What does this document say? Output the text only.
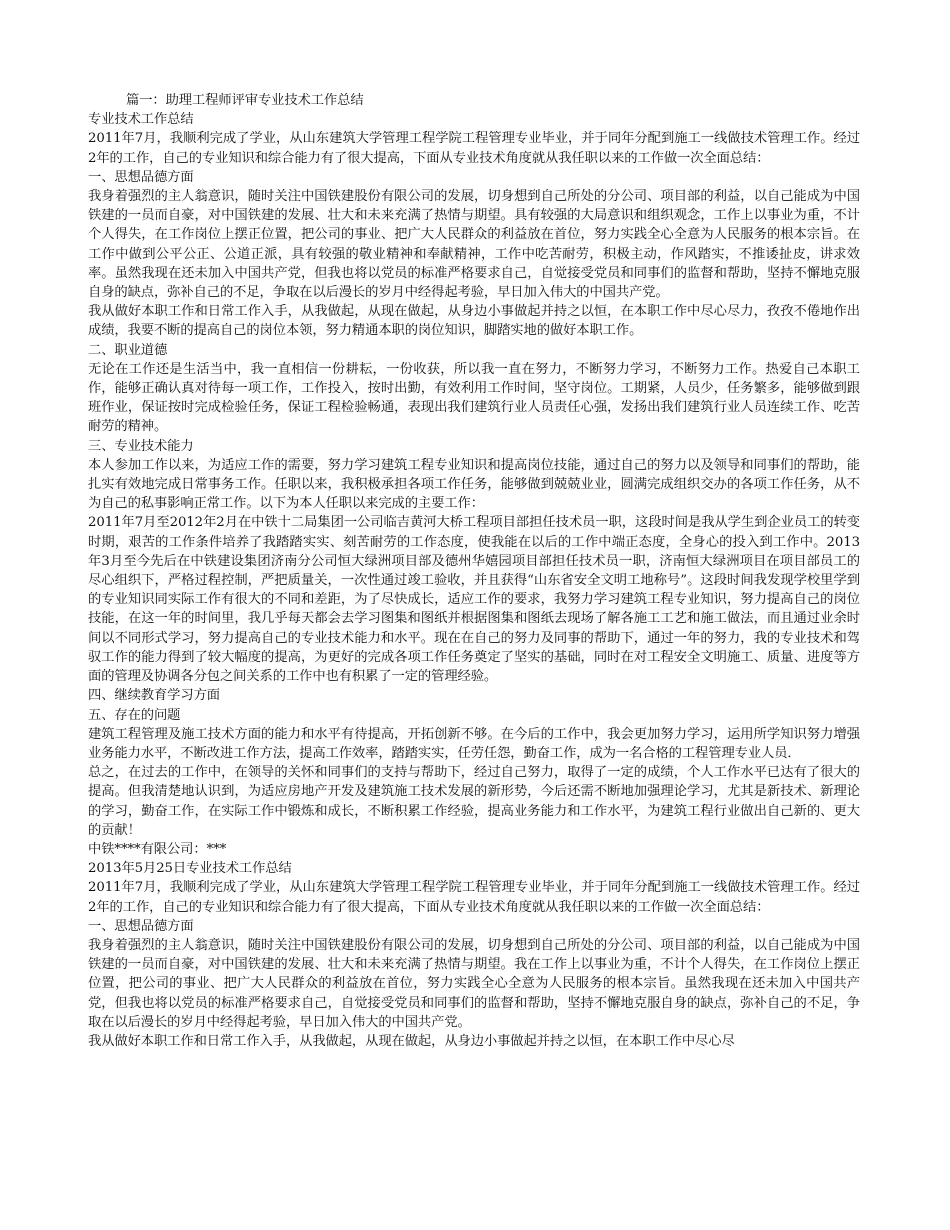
篇一：助理工程师评审专业技术工作总结

专业技术工作总结

2011年7月，我顺利完成了学业，从山东建筑大学管理工程学院工程管理专业毕业，并于同年分配到施工一线做技术管理工作。经过2年的工作，自己的专业知识和综合能力有了很大提高，下面从专业技术角度就从我任职以来的工作做一次全面总结：

一、思想品德方面

我身着强烈的主人翁意识，随时关注中国铁建股份有限公司的发展，切身想到自己所处的分公司、项目部的利益，以自己能成为中国铁建的一员而自豪，对中国铁建的发展、壮大和未来充满了热情与期望。具有较强的大局意识和组织观念，工作上以事业为重，不计个人得失，在工作岗位上摆正位置，把公司的事业、把广大人民群众的利益放在首位，努力实践全心全意为人民服务的根本宗旨。在工作中做到公平公正、公道正派，具有较强的敬业精神和奉献精神，工作中吃苦耐劳，积极主动，作风踏实，不推诿扯皮，讲求效率。虽然我现在还未加入中国共产党，但我也将以党员的标准严格要求自己，自觉接受党员和同事们的监督和帮助，坚持不懈地克服自身的缺点，弥补自己的不足，争取在以后漫长的岁月中经得起考验，早日加入伟大的中国共产党。

我从做好本职工作和日常工作入手，从我做起，从现在做起，从身边小事做起并持之以恒，在本职工作中尽心尽力，孜孜不倦地作出成绩，我要不断的提高自己的岗位本领，努力精通本职的岗位知识，脚踏实地的做好本职工作。

二、职业道德

无论在工作还是生活当中，我一直相信一份耕耘，一份收获，所以我一直在努力，不断努力学习，不断努力工作。热爱自己本职工作，能够正确认真对待每一项工作，工作投入，按时出勤，有效利用工作时间，坚守岗位。工期紧，人员少，任务繁多，能够做到跟班作业，保证按时完成检验任务，保证工程检验畅通，表现出我们建筑行业人员责任心强，发扬出我们建筑行业人员连续工作、吃苦耐劳的精神。

三、专业技术能力

本人参加工作以来，为适应工作的需要，努力学习建筑工程专业知识和提高岗位技能，通过自己的努力以及领导和同事们的帮助，能扎实有效地完成日常事务工作。任职以来，我积极承担各项工作任务，能够做到兢兢业业，圆满完成组织交办的各项工作任务，从不为自己的私事影响正常工作。以下为本人任职以来完成的主要工作：

2011年7月至2012年2月在中铁十二局集团一公司临吉黄河大桥工程项目部担任技术员一职，这段时间是我从学生到企业员工的转变时期，艰苦的工作条件培养了我踏踏实实、刻苦耐劳的工作态度，使我能在以后的工作中端正态度，全身心的投入到工作中。2013年3月至今先后在中铁建设集团济南分公司恒大绿洲项目部及德州华嬉园项目部担任技术员一职，济南恒大绿洲项目在项目部员工的尽心组织下，严格过程控制，严把质量关，一次性通过竣工验收，并且获得“山东省安全文明工地称号”。这段时间我发现学校里学到的专业知识同实际工作有很大的不同和差距，为了尽快成长，适应工作的要求，我努力学习建筑工程专业知识，努力提高自己的岗位技能，在这一年的时间里，我几乎每天都会去学习图集和图纸并根据图集和图纸去现场了解各施工工艺和施工做法，而且通过业余时间以不同形式学习，努力提高自己的专业技术能力和水平。现在在自己的努力及同事的帮助下，通过一年的努力，我的专业技术和驾驭工作的能力得到了较大幅度的提高，为更好的完成各项工作任务奠定了坚实的基础，同时在对工程安全文明施工、质量、进度等方面的管理及协调各分包之间关系的工作中也有积累了一定的管理经验。

四、继续教育学习方面

五、存在的问题

建筑工程管理及施工技术方面的能力和水平有待提高，开拓创新不够。在今后的工作中，我会更加努力学习，运用所学知识努力增强业务能力水平，不断改进工作方法，提高工作效率，踏踏实实，任劳任怨，勤奋工作，成为一名合格的工程管理专业人员．

总之，在过去的工作中，在领导的关怀和同事们的支持与帮助下，经过自己努力，取得了一定的成绩，个人工作水平已达有了很大的提高。但我清楚地认识到，为适应房地产开发及建筑施工技术发展的新形势，今后还需不断地加强理论学习，尤其是新技术、新理论的学习，勤奋工作，在实际工作中锻炼和成长，不断积累工作经验，提高业务能力和工作水平，为建筑工程行业做出自己新的、更大的贡献！

中铁****有限公司：***

2013年5月25日专业技术工作总结

2011年7月，我顺利完成了学业，从山东建筑大学管理工程学院工程管理专业毕业，并于同年分配到施工一线做技术管理工作。经过2年的工作，自己的专业知识和综合能力有了很大提高，下面从专业技术角度就从我任职以来的工作做一次全面总结：

一、思想品德方面

我身着强烈的主人翁意识，随时关注中国铁建股份有限公司的发展，切身想到自己所处的分公司、项目部的利益，以自己能成为中国铁建的一员而自豪，对中国铁建的发展、壮大和未来充满了热情与期望。我在工作上以事业为重，不计个人得失，在工作岗位上摆正位置，把公司的事业、把广大人民群众的利益放在首位，努力实践全心全意为人民服务的根本宗旨。虽然我现在还未加入中国共产党，但我也将以党员的标准严格要求自己，自觉接受党员和同事们的监督和帮助，坚持不懈地克服自身的缺点，弥补自己的不足，争取在以后漫长的岁月中经得起考验，早日加入伟大的中国共产党。

我从做好本职工作和日常工作入手，从我做起，从现在做起，从身边小事做起并持之以恒，在本职工作中尽心尽
